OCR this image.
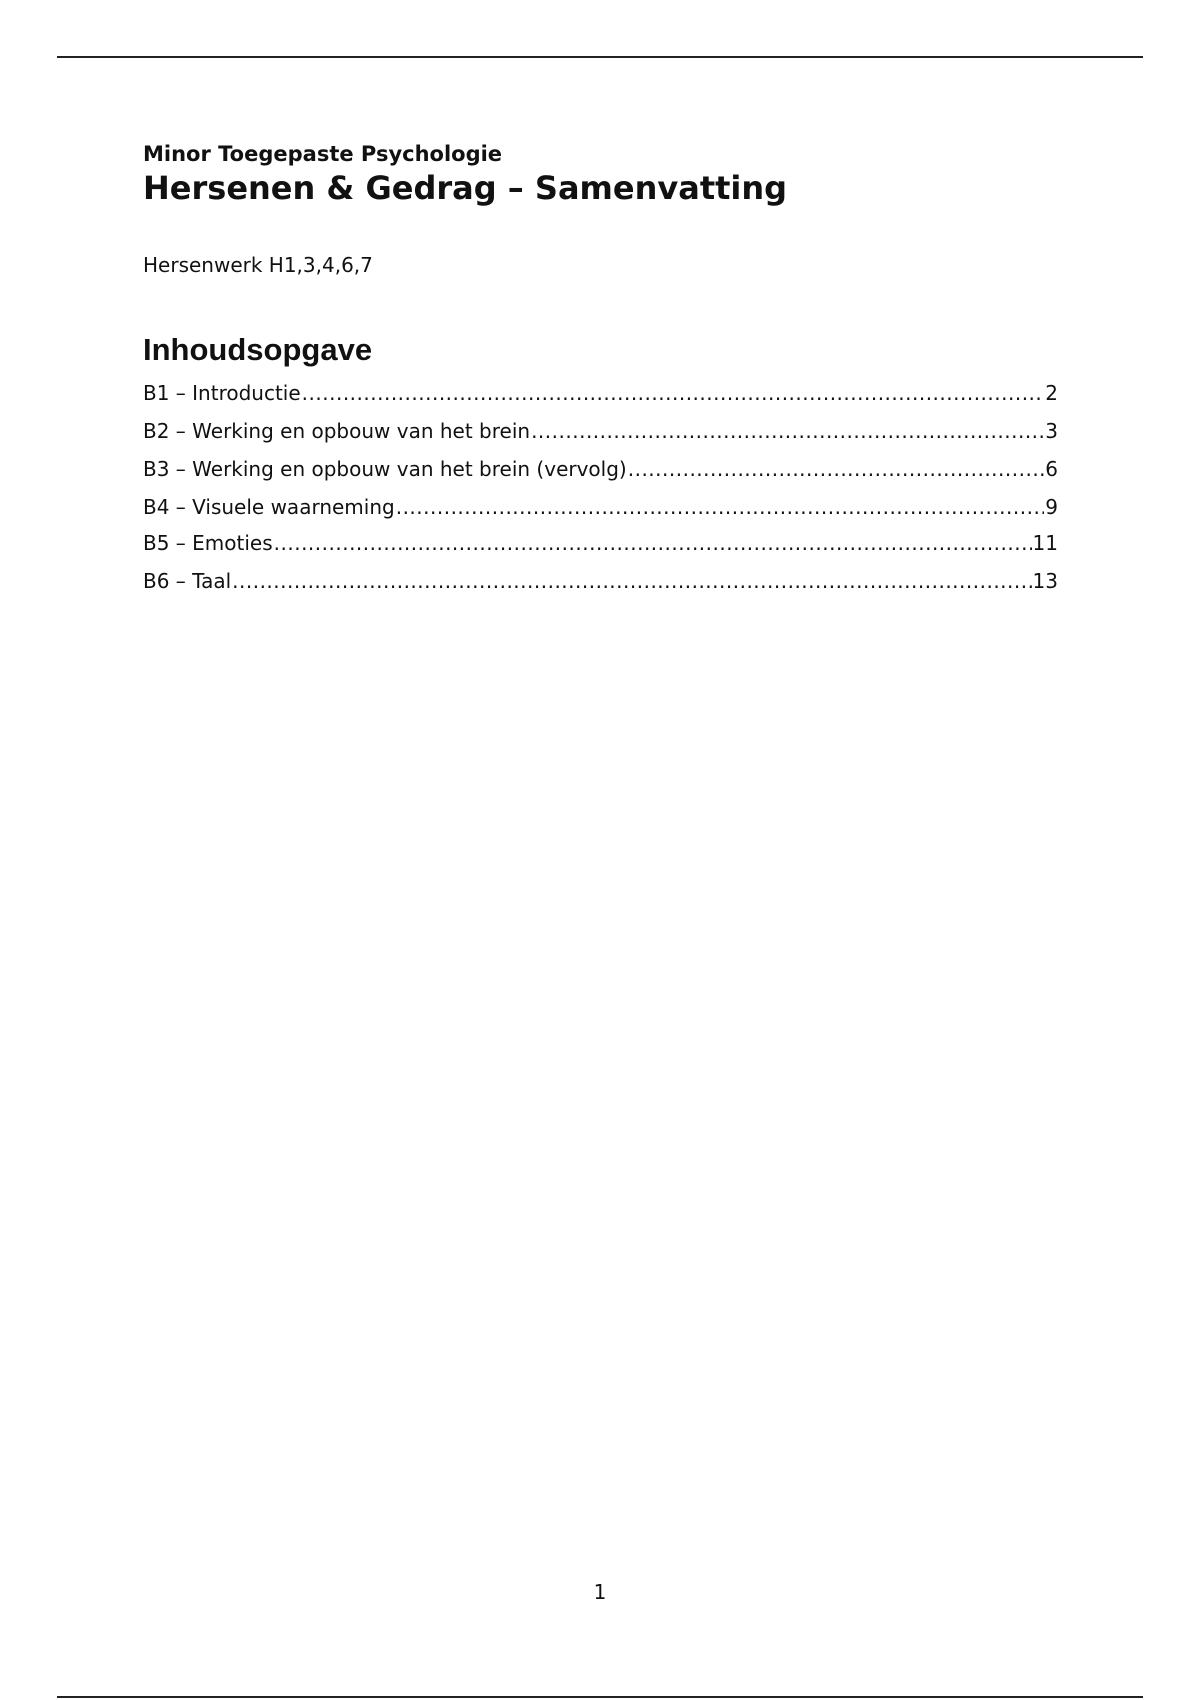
Minor Toegepaste Psychologie
Hersenen & Gedrag – Samenvatting

Hersenwerk H1,3,4,6,7

Inhoudsopgave
B1 – Introductie .....	2
B2 – Werking en opbouw van het brein .....	3
B3 – Werking en opbouw van het brein (vervolg) .....	6
B4 – Visuele waarneming .....	9
B5 – Emoties .....	11
B6 – Taal .....	13
1
